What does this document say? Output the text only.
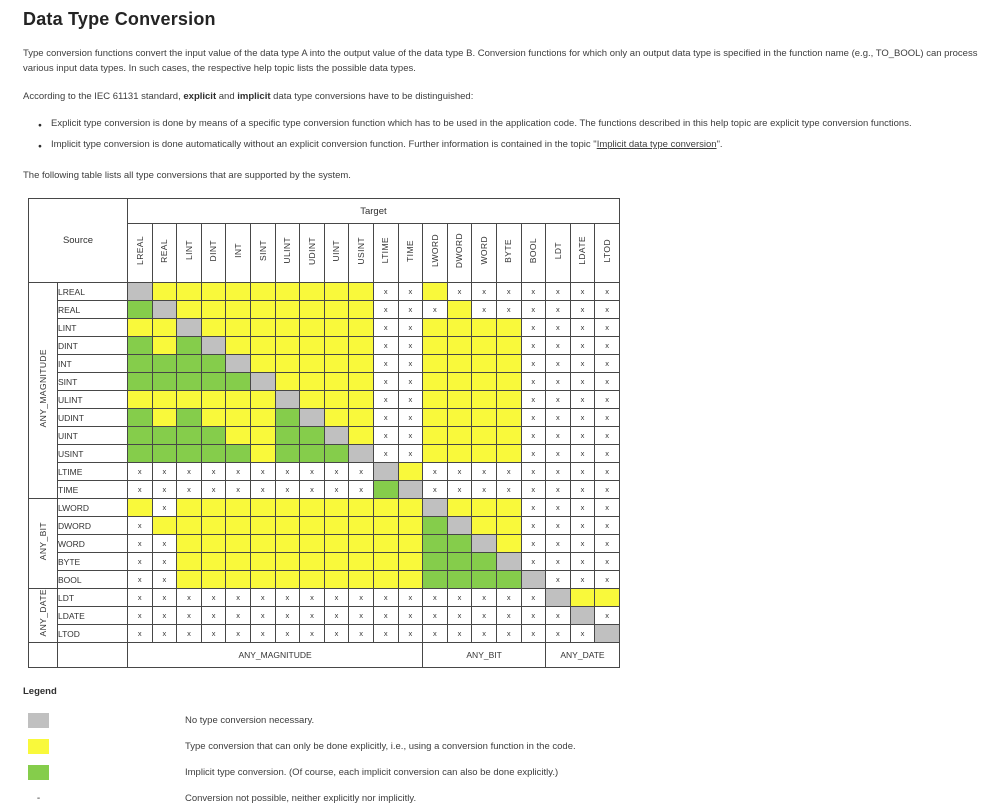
Data Type Conversion

Type conversion functions convert the input value of the data type A into the output value of the data type B. Conversion functions for which only an output data type is specified in the function name (e.g., TO_BOOL) can process various input data types. In such cases, the respective help topic lists the possible data types.

According to the IEC 61131 standard, explicit and implicit data type conversions have to be distinguished:

● Explicit type conversion is done by means of a specific type conversion function which has to be used in the application code. The functions described in this help topic are explicit type conversion functions.
● Implicit type conversion is done automatically without an explicit conversion function. Further information is contained in the topic "Implicit data type conversion".

The following table lists all type conversions that are supported by the system.

Source		Target																			
		LREAL	REAL	LINT	DINT	INT	SINT	ULINT	UDINT	UINT	USINT	LTIME	TIME	LWORD	DWORD	WORD	BYTE	BOOL	LDT	LDATE	LTOD
ANY_MAGNITUDE	LREAL											x	x		x	x	x	x	x	x	x
	REAL											x	x	x		x	x	x	x	x	x
	LINT											x	x					x	x	x	x
	DINT											x	x					x	x	x	x
	INT											x	x					x	x	x	x
	SINT											x	x					x	x	x	x
	ULINT											x	x					x	x	x	x
	UDINT											x	x					x	x	x	x
	UINT											x	x					x	x	x	x
	USINT											x	x					x	x	x	x
	LTIME	x	x	x	x	x	x	x	x	x	x			x	x	x	x	x	x	x	x
	TIME	x	x	x	x	x	x	x	x	x	x			x	x	x	x	x	x	x	x
ANY_BIT	LWORD		x															x	x	x	x
	DWORD	x																x	x	x	x
	WORD	x	x															x	x	x	x
	BYTE	x	x															x	x	x	x
	BOOL	x	x																x	x	x
ANY_DATE	LDT	x	x	x	x	x	x	x	x	x	x	x	x	x	x	x	x	x			
	LDATE	x	x	x	x	x	x	x	x	x	x	x	x	x	x	x	x	x	x		x
	LTOD	x	x	x	x	x	x	x	x	x	x	x	x	x	x	x	x	x	x	x	
		ANY_MAGNITUDE												ANY_BIT					ANY_DATE		
Legend
No type conversion necessary.
Type conversion that can only be done explicitly, i.e., using a conversion function in the code.
Implicit type conversion. (Of course, each implicit conversion can also be done explicitly.)
-	Conversion not possible, neither explicitly nor implicitly.
